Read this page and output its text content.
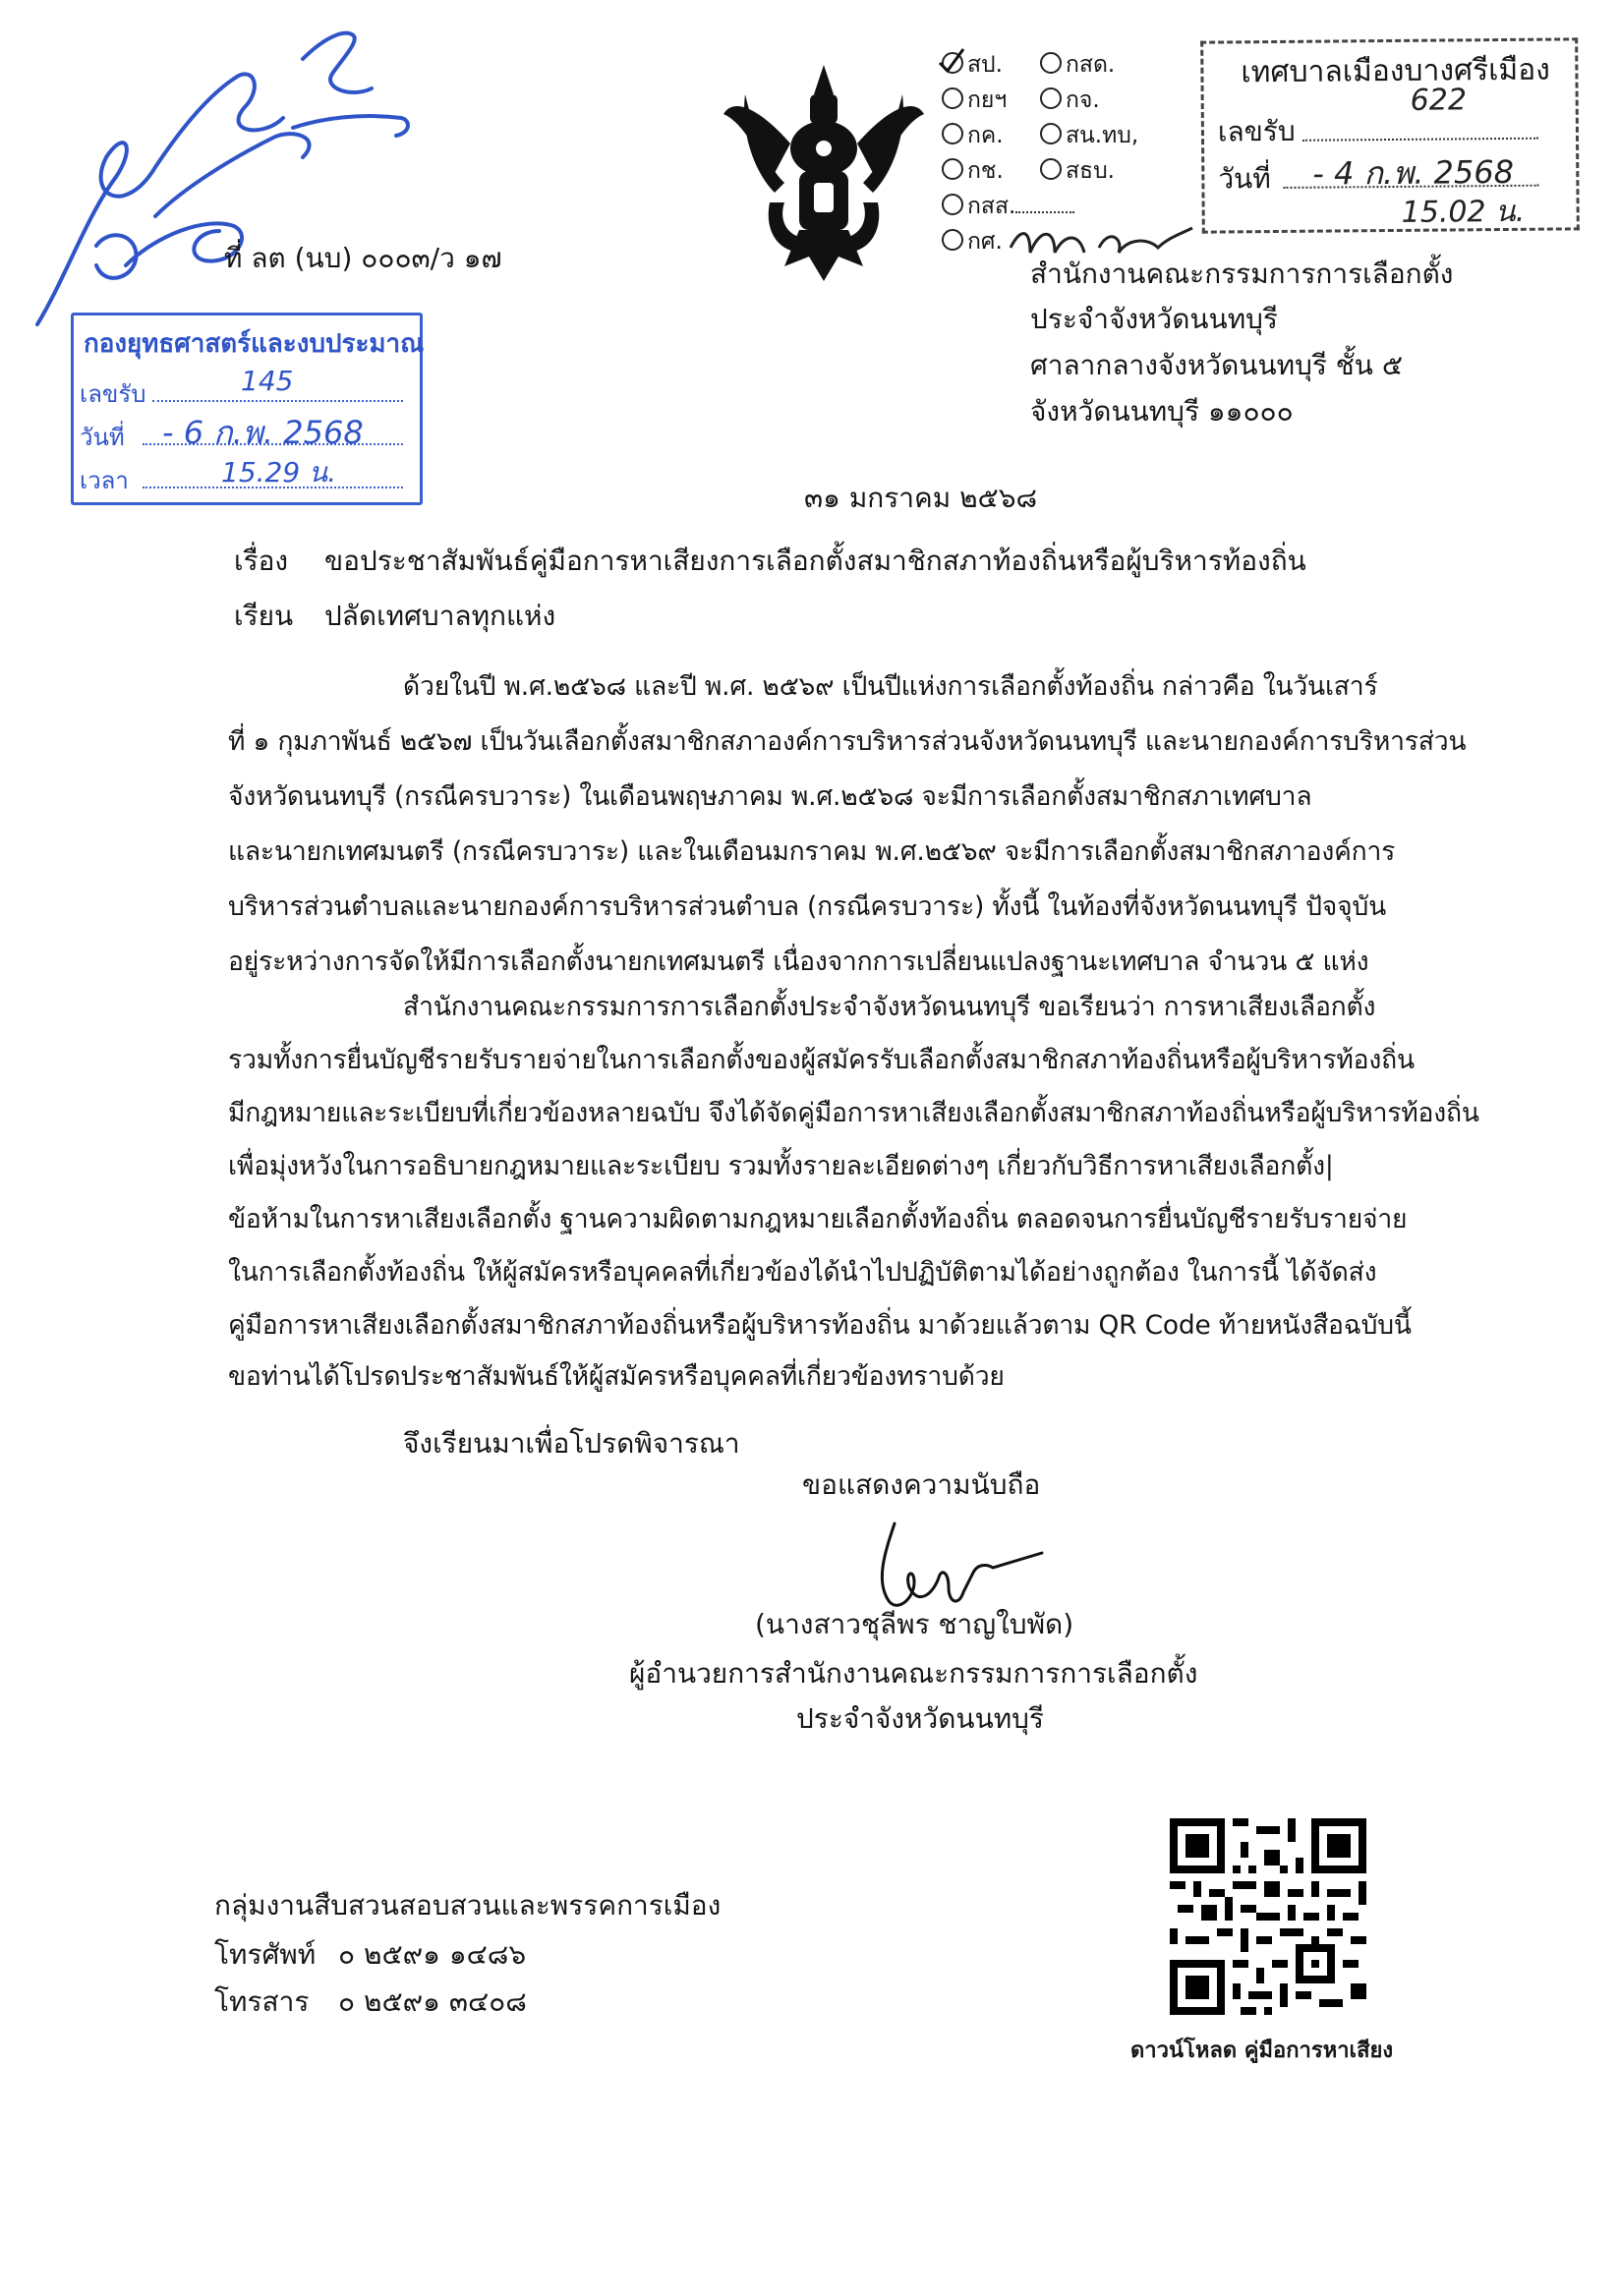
สป.	กสด.
กยฯ	กจ.
กค.	สน.ทบ,
กช.	สธบ.
กสส.
กศ.
เทศบาลเมืองบางศรีเมือง
เลขรับ
622
วันที่ - 4 ก.พ. 2568
15.02 น.
ที่ ลต (นบ) ๐๐๐๓/ว ๑๗
กองยุทธศาสตร์และงบประมาณ
เลขรับ	145
วันที่ - 6 ก.พ. 2568
เวลา	15.29 น.
สำนักงานคณะกรรมการการเลือกตั้ง
ประจำจังหวัดนนทบุรี
ศาลากลางจังหวัดนนทบุรี ชั้น ๕
จังหวัดนนทบุรี ๑๑๐๐๐
๓๑ มกราคม ๒๕๖๘
เรื่อง ขอประชาสัมพันธ์คู่มือการหาเสียงการเลือกตั้งสมาชิกสภาท้องถิ่นหรือผู้บริหารท้องถิ่น
เรียน ปลัดเทศบาลทุกแห่ง
ด้วยในปี พ.ศ.๒๕๖๘ และปี พ.ศ. ๒๕๖๙ เป็นปีแห่งการเลือกตั้งท้องถิ่น กล่าวคือ ในวันเสาร์
ที่ ๑ กุมภาพันธ์ ๒๕๖๗ เป็นวันเลือกตั้งสมาชิกสภาองค์การบริหารส่วนจังหวัดนนทบุรี และนายกองค์การบริหารส่วน
จังหวัดนนทบุรี (กรณีครบวาระ) ในเดือนพฤษภาคม พ.ศ.๒๕๖๘ จะมีการเลือกตั้งสมาชิกสภาเทศบาล
และนายกเทศมนตรี (กรณีครบวาระ) และในเดือนมกราคม พ.ศ.๒๕๖๙ จะมีการเลือกตั้งสมาชิกสภาองค์การ
บริหารส่วนตำบลและนายกองค์การบริหารส่วนตำบล (กรณีครบวาระ) ทั้งนี้ ในท้องที่จังหวัดนนทบุรี ปัจจุบัน
อยู่ระหว่างการจัดให้มีการเลือกตั้งนายกเทศมนตรี เนื่องจากการเปลี่ยนแปลงฐานะเทศบาล จำนวน ๕ แห่ง
สำนักงานคณะกรรมการการเลือกตั้งประจำจังหวัดนนทบุรี ขอเรียนว่า การหาเสียงเลือกตั้ง
รวมทั้งการยื่นบัญชีรายรับรายจ่ายในการเลือกตั้งของผู้สมัครรับเลือกตั้งสมาชิกสภาท้องถิ่นหรือผู้บริหารท้องถิ่น
มีกฎหมายและระเบียบที่เกี่ยวข้องหลายฉบับ จึงได้จัดคู่มือการหาเสียงเลือกตั้งสมาชิกสภาท้องถิ่นหรือผู้บริหารท้องถิ่น
เพื่อมุ่งหวังในการอธิบายกฎหมายและระเบียบ รวมทั้งรายละเอียดต่างๆ เกี่ยวกับวิธีการหาเสียงเลือกตั้ง|
ข้อห้ามในการหาเสียงเลือกตั้ง ฐานความผิดตามกฎหมายเลือกตั้งท้องถิ่น ตลอดจนการยื่นบัญชีรายรับรายจ่าย
ในการเลือกตั้งท้องถิ่น ให้ผู้สมัครหรือบุคคลที่เกี่ยวข้องได้นำไปปฏิบัติตามได้อย่างถูกต้อง ในการนี้ ได้จัดส่ง
คู่มือการหาเสียงเลือกตั้งสมาชิกสภาท้องถิ่นหรือผู้บริหารท้องถิ่น มาด้วยแล้วตาม QR Code ท้ายหนังสือฉบับนี้
ขอท่านได้โปรดประชาสัมพันธ์ให้ผู้สมัครหรือบุคคลที่เกี่ยวข้องทราบด้วย
จึงเรียนมาเพื่อโปรดพิจารณา
ขอแสดงความนับถือ
(นางสาวชุลีพร ชาญใบพัด)
ผู้อำนวยการสำนักงานคณะกรรมการการเลือกตั้ง
ประจำจังหวัดนนทบุรี
กลุ่มงานสืบสวนสอบสวนและพรรคการเมือง
โทรศัพท์ ๐ ๒๕๙๑ ๑๔๘๖
โทรสาร ๐ ๒๕๙๑ ๓๔๐๘
ดาวน์โหลด คู่มือการหาเสียง
